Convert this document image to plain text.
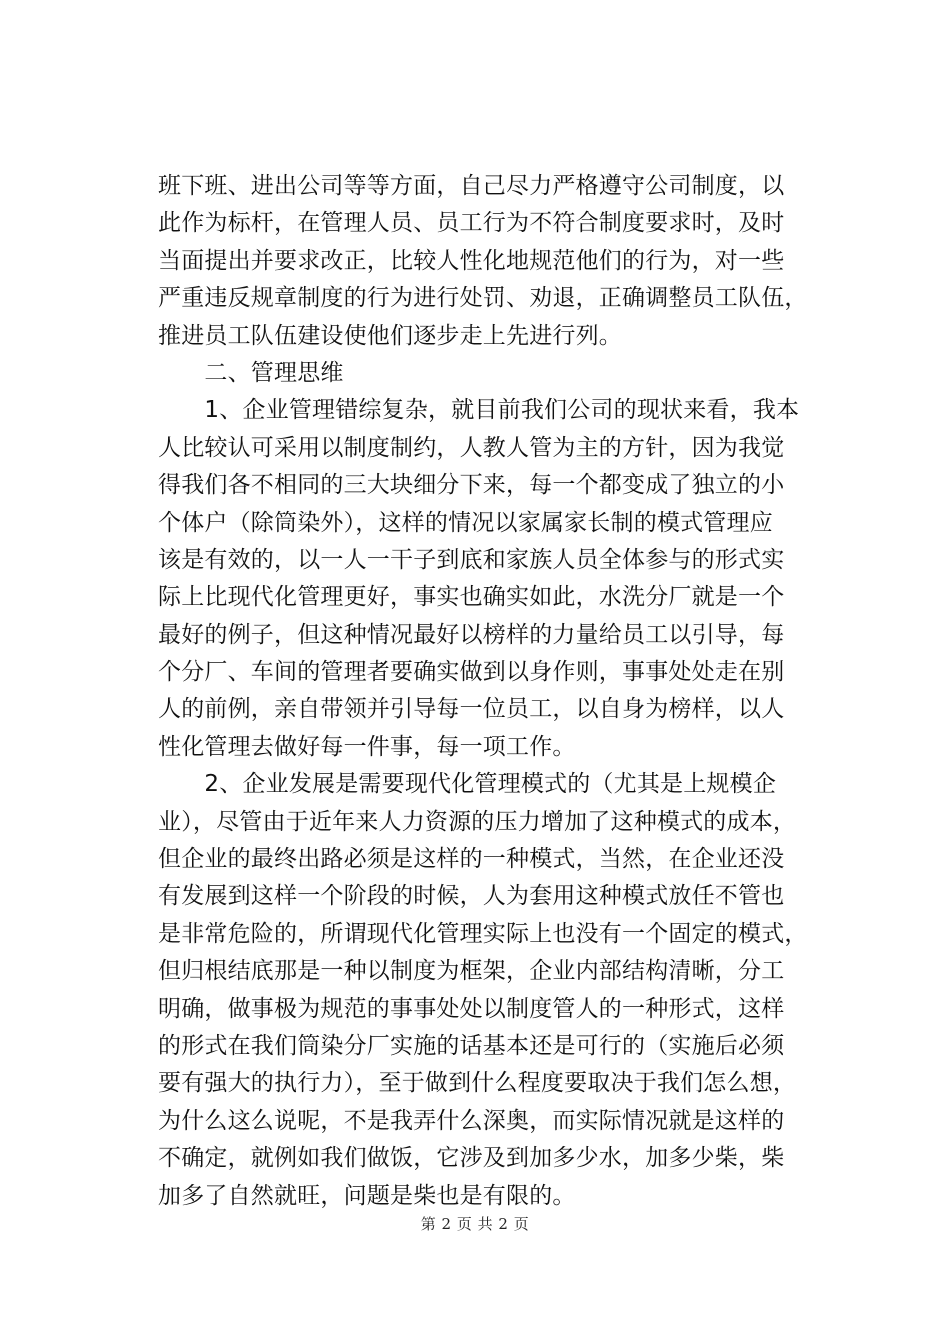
班下班、进出公司等等方面，自己尽力严格遵守公司制度，以
此作为标杆，在管理人员、员工行为不符合制度要求时，及时
当面提出并要求改正，比较人性化地规范他们的行为，对一些
严重违反规章制度的行为进行处罚、劝退，正确调整员工队伍，
推进员工队伍建设使他们逐步走上先进行列。
　　二、管理思维
　　1、企业管理错综复杂，就目前我们公司的现状来看，我本
人比较认可采用以制度制约，人教人管为主的方针，因为我觉
得我们各不相同的三大块细分下来，每一个都变成了独立的小
个体户（除筒染外），这样的情况以家属家长制的模式管理应
该是有效的，以一人一干子到底和家族人员全体参与的形式实
际上比现代化管理更好，事实也确实如此，水洗分厂就是一个
最好的例子，但这种情况最好以榜样的力量给员工以引导，每
个分厂、车间的管理者要确实做到以身作则，事事处处走在别
人的前例，亲自带领并引导每一位员工，以自身为榜样，以人
性化管理去做好每一件事，每一项工作。
　　2、企业发展是需要现代化管理模式的（尤其是上规模企
业），尽管由于近年来人力资源的压力增加了这种模式的成本，
但企业的最终出路必须是这样的一种模式，当然，在企业还没
有发展到这样一个阶段的时候，人为套用这种模式放任不管也
是非常危险的，所谓现代化管理实际上也没有一个固定的模式，
但归根结底那是一种以制度为框架，企业内部结构清晰，分工
明确，做事极为规范的事事处处以制度管人的一种形式，这样
的形式在我们筒染分厂实施的话基本还是可行的（实施后必须
要有强大的执行力），至于做到什么程度要取决于我们怎么想，
为什么这么说呢，不是我弄什么深奥，而实际情况就是这样的
不确定，就例如我们做饭，它涉及到加多少水，加多少柴，柴
加多了自然就旺，问题是柴也是有限的。
第 2 页 共 2 页
